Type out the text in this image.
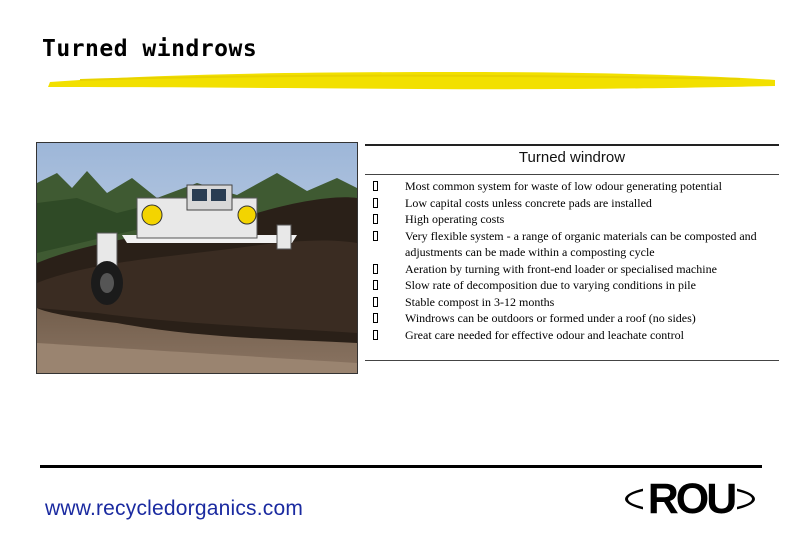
Turned windrows
Turned windrow
Most common system for waste of low odour generating potential
Low capital costs unless concrete pads are installed
High operating costs
Very flexible system - a range of organic materials can be composted and adjustments can be made within a composting cycle
Aeration by turning with front-end loader or specialised machine
Slow rate of decomposition due to varying conditions in pile
Stable compost in 3-12 months
Windrows can be outdoors or formed under a roof (no sides)
Great care needed for effective odour and leachate control
www.recycledorganics.com	ROU
